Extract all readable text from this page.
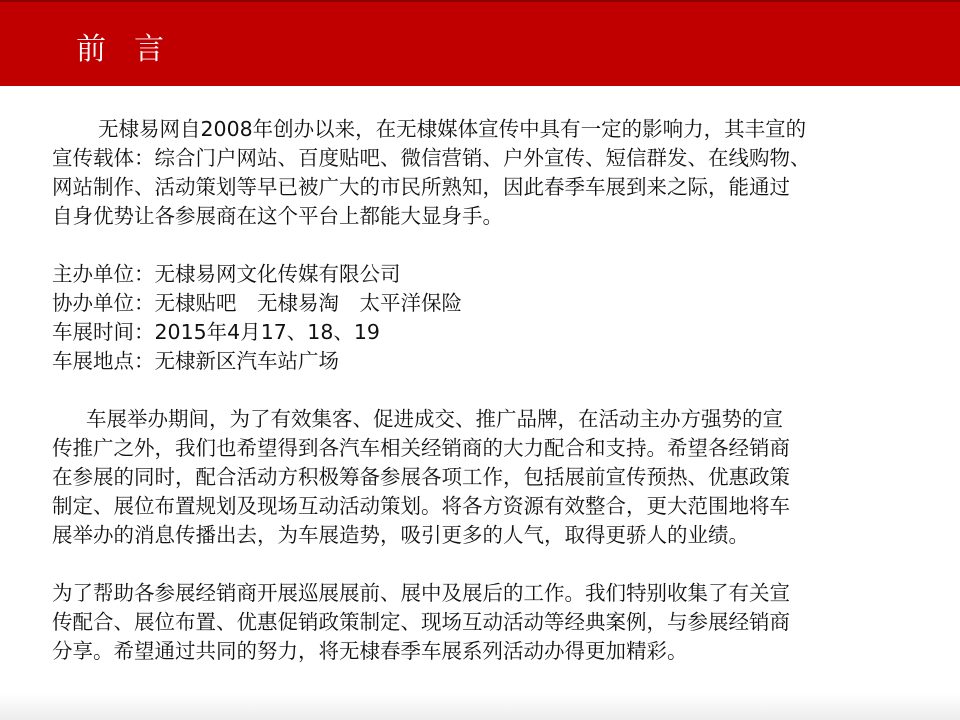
前言

无棣易网自2008年创办以来，在无棣媒体宣传中具有一定的影响力，其丰宣的
宣传载体：综合门户网站、百度贴吧、微信营销、户外宣传、短信群发、在线购物、
网站制作、活动策划等早已被广大的市民所熟知，因此春季车展到来之际，能通过
自身优势让各参展商在这个平台上都能大显身手。

主办单位：无棣易网文化传媒有限公司
协办单位：无棣贴吧　无棣易淘　太平洋保险
车展时间：2015年4月17、18、19
车展地点：无棣新区汽车站广场

车展举办期间，为了有效集客、促进成交、推广品牌，在活动主办方强势的宣
传推广之外，我们也希望得到各汽车相关经销商的大力配合和支持。希望各经销商
在参展的同时，配合活动方积极筹备参展各项工作，包括展前宣传预热、优惠政策
制定、展位布置规划及现场互动活动策划。将各方资源有效整合，更大范围地将车
展举办的消息传播出去，为车展造势，吸引更多的人气，取得更骄人的业绩。

为了帮助各参展经销商开展巡展展前、展中及展后的工作。我们特别收集了有关宣
传配合、展位布置、优惠促销政策制定、现场互动活动等经典案例，与参展经销商
分享。希望通过共同的努力，将无棣春季车展系列活动办得更加精彩。
